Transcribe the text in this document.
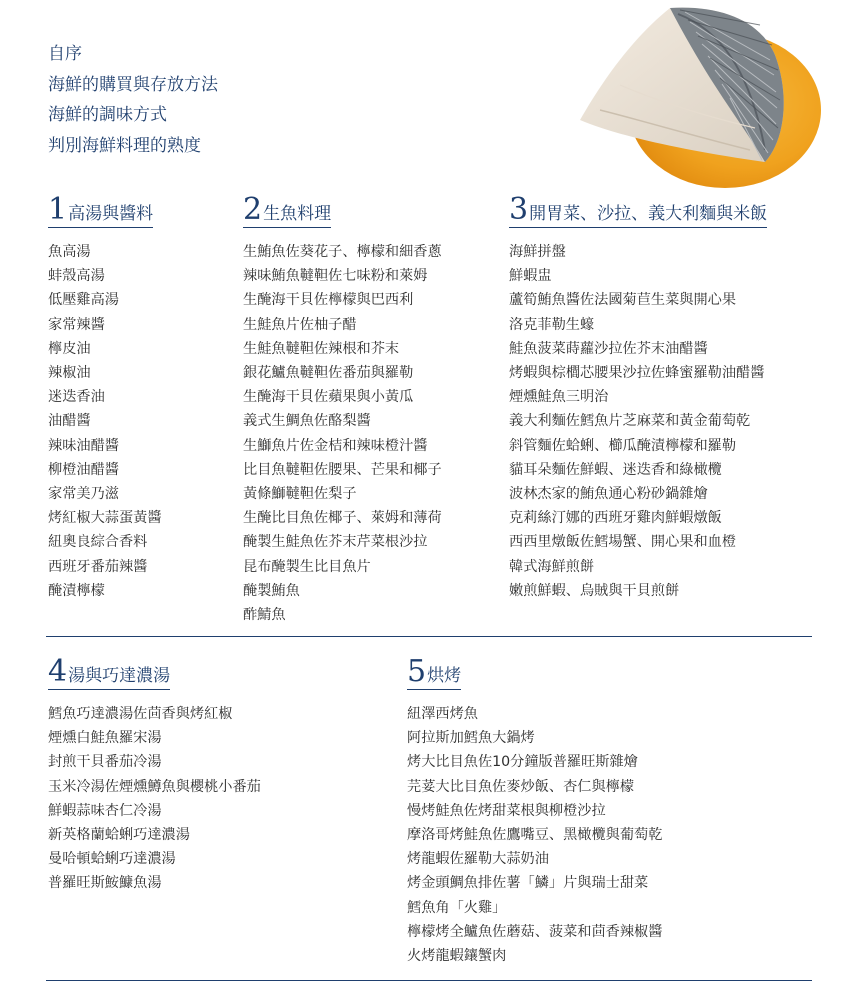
自序
海鮮的購買與存放方法
海鮮的調味方式
判別海鮮料理的熟度
1高湯與醬料
魚高湯
蚌殼高湯
低壓雞高湯
家常辣醬
檸皮油
辣椒油
迷迭香油
油醋醬
辣味油醋醬
柳橙油醋醬
家常美乃滋
烤紅椒大蒜蛋黃醬
紐奧良綜合香料
西班牙番茄辣醬
醃漬檸檬
2生魚料理
生鮪魚佐葵花子、檸檬和細香蔥
辣味鮪魚韃靼佐七味粉和萊姆
生醃海干貝佐檸檬與巴西利
生鮭魚片佐柚子醋
生鮭魚韃靼佐辣根和芥末
銀花鱸魚韃靼佐番茄與羅勒
生醃海干貝佐蘋果與小黃瓜
義式生鯛魚佐酪梨醬
生鰤魚片佐金桔和辣味橙汁醬
比目魚韃靼佐腰果、芒果和椰子
黃條鰤韃靼佐梨子
生醃比目魚佐椰子、萊姆和薄荷
醃製生鮭魚佐芥末芹菜根沙拉
昆布醃製生比目魚片
醃製鮪魚
酢鯖魚
3開胃菜、沙拉、義大利麵與米飯
海鮮拼盤
鮮蝦盅
蘆筍鮪魚醬佐法國菊苣生菜與開心果
洛克菲勒生蠔
鮭魚菠菜蒔蘿沙拉佐芥末油醋醬
烤蝦與棕櫚芯腰果沙拉佐蜂蜜羅勒油醋醬
煙燻鮭魚三明治
義大利麵佐鱈魚片芝麻菜和黃金葡萄乾
斜管麵佐蛤蜊、櫛瓜醃漬檸檬和羅勒
貓耳朵麵佐鮮蝦、迷迭香和綠橄欖
波林杰家的鮪魚通心粉砂鍋雜燴
克莉絲汀娜的西班牙雞肉鮮蝦燉飯
西西里燉飯佐鱈場蟹、開心果和血橙
韓式海鮮煎餅
嫩煎鮮蝦、烏賊與干貝煎餅
4湯與巧達濃湯
鱈魚巧達濃湯佐茴香與烤紅椒
煙燻白鮭魚羅宋湯
封煎干貝番茄冷湯
玉米冷湯佐煙燻鱒魚與櫻桃小番茄
鮮蝦蒜味杏仁冷湯
新英格蘭蛤蜊巧達濃湯
曼哈頓蛤蜊巧達濃湯
普羅旺斯鮟鱇魚湯
5烘烤
紐澤西烤魚
阿拉斯加鱈魚大鍋烤
烤大比目魚佐10分鐘版普羅旺斯雜燴
芫荽大比目魚佐麥炒飯、杏仁與檸檬
慢烤鮭魚佐烤甜菜根與柳橙沙拉
摩洛哥烤鮭魚佐鷹嘴豆、黑橄欖與葡萄乾
烤龍蝦佐羅勒大蒜奶油
烤金頭鯛魚排佐薯「鱗」片與瑞士甜菜
鱈魚角「火雞」
檸檬烤全鱸魚佐蘑菇、菠菜和茴香辣椒醬
火烤龍蝦鑲蟹肉
